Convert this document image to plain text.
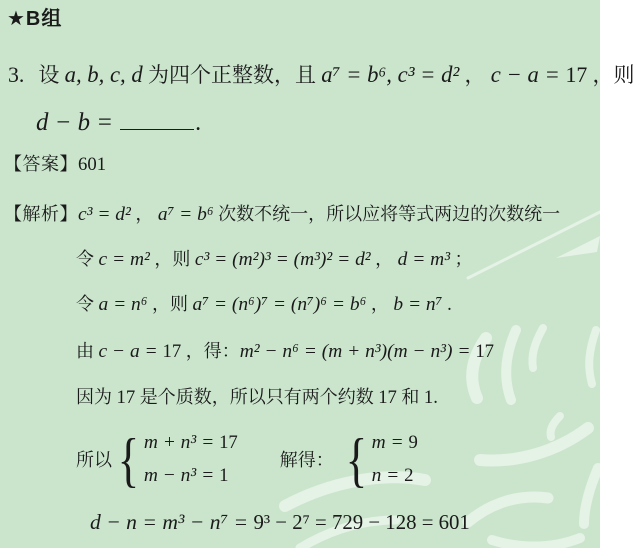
★B组
3. 设 a, b, c, d 为四个正整数，且 a⁷ = b⁶, c³ = d² ， c − a = 17 ，则
d − b =	.
【答案】601
【解析】c³ = d² ， a⁷ = b⁶ 次数不统一，所以应将等式两边的次数统一
令 c = m² ，则 c³ = (m²)³ = (m³)² = d² ， d = m³ ；
令 a = n⁶ ，则 a⁷ = (n⁶)⁷ = (n⁷)⁶ = b⁶ ， b = n⁷ .
由 c − a = 17 ，得：m² − n⁶ = (m + n³)(m − n³) = 17
因为 17 是个质数，所以只有两个约数 17 和 1.
所以 { m + n³ = 17
m − n³ = 1
解得： { m = 9
n = 2
d − n = m³ − n⁷ = 9³ − 2⁷ = 729 − 128 = 601
